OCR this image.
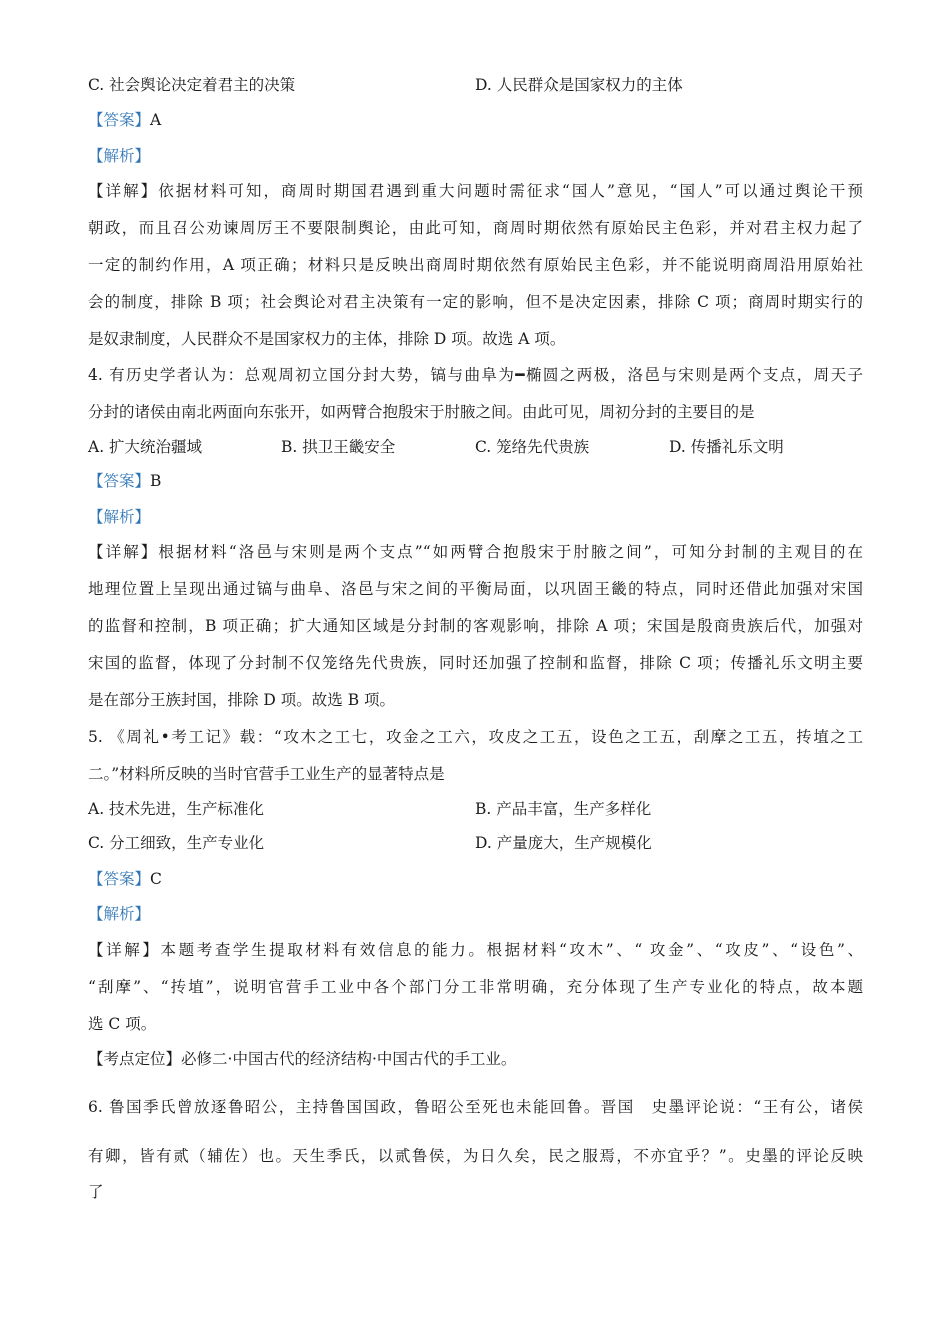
C. 社会舆论决定着君主的决策	D. 人民群众是国家权力的主体
【答案】A
【解析】
【详解】依据材料可知，商周时期国君遇到重大问题时需征求“国人”意见，“国人”可以通过舆论干预
朝政，而且召公劝谏周厉王不要限制舆论，由此可知，商周时期依然有原始民主色彩，并对君主权力起了
一定的制约作用，A 项正确；材料只是反映出商周时期依然有原始民主色彩，并不能说明商周沿用原始社
会的制度，排除 B 项；社会舆论对君主决策有一定的影响，但不是决定因素，排除 C 项；商周时期实行的
是奴隶制度，人民群众不是国家权力的主体，排除 D 项。故选 A 项。
4. 有历史学者认为：总观周初立国分封大势，镐与曲阜为━椭圆之两极，洛邑与宋则是两个支点，周天子
分封的诸侯由南北两面向东张开，如两臂合抱殷宋于肘腋之间。由此可见，周初分封的主要目的是
A. 扩大统治疆域	B. 拱卫王畿安全	C. 笼络先代贵族	D. 传播礼乐文明
【答案】B
【解析】
【详解】根据材料“洛邑与宋则是两个支点”“如两臂合抱殷宋于肘腋之间”，可知分封制的主观目的在
地理位置上呈现出通过镐与曲阜、洛邑与宋之间的平衡局面，以巩固王畿的特点，同时还借此加强对宋国
的监督和控制，B 项正确；扩大通知区域是分封制的客观影响，排除 A 项；宋国是殷商贵族后代，加强对
宋国的监督，体现了分封制不仅笼络先代贵族，同时还加强了控制和监督，排除 C 项；传播礼乐文明主要
是在部分王族封国，排除 D 项。故选 B 项。
5. 《周礼•考工记》载：“攻木之工七，攻金之工六，攻皮之工五，设色之工五，刮摩之工五，抟埴之工
二。”材料所反映的当时官营手工业生产的显著特点是
A. 技术先进，生产标准化	B. 产品丰富，生产多样化
C. 分工细致，生产专业化	D. 产量庞大，生产规模化
【答案】C
【解析】
【详解】本题考查学生提取材料有效信息的能力。根据材料“攻木”、“ 攻金”、“攻皮”、“设色”、
“刮摩”、“抟埴”，说明官营手工业中各个部门分工非常明确，充分体现了生产专业化的特点，故本题
选 C 项。
【考点定位】必修二·中国古代的经济结构·中国古代的手工业。
6. 鲁国季氏曾放逐鲁昭公，主持鲁国国政，鲁昭公至死也未能回鲁。晋国　史墨评论说：“王有公，诸侯
有卿，皆有贰（辅佐）也。天生季氏，以贰鲁侯，为日久矣，民之服焉，不亦宜乎？”。史墨的评论反映
了
